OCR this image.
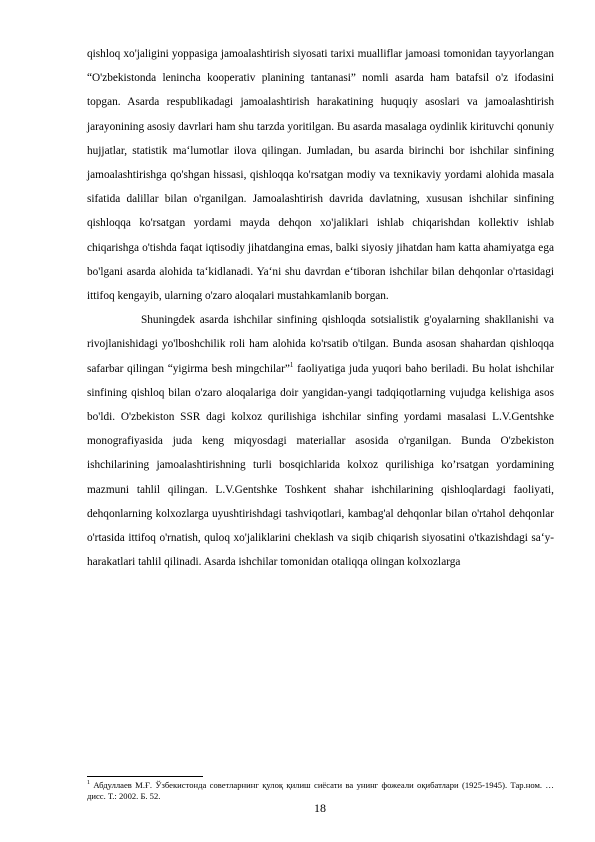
qishloq xo'jaligini yoppasiga jamoalashtirish siyosati tarixi mualliflar jamoasi tomonidan tayyorlangan “O'zbekistonda lenincha kooperativ planining tantanasi” nomli asarda ham batafsil o'z ifodasini topgan. Asarda respublikadagi jamoalashtirish harakatining huquqiy asoslari va jamoalashtirish jarayonining asosiy davrlari ham shu tarzda yoritilgan. Bu asarda masalaga oydinlik kirituvchi qonuniy hujjatlar, statistik ma‘lumotlar ilova qilingan. Jumladan, bu asarda birinchi bor ishchilar sinfining jamoalashtirishga qo'shgan hissasi, qishloqqa ko'rsatgan modiy va texnikaviy yordami alohida masala sifatida dalillar bilan o'rganilgan. Jamoalashtirish davrida davlatning, xususan ishchilar sinfining qishloqqa ko'rsatgan yordami mayda dehqon xo'jaliklari ishlab chiqarishdan kollektiv ishlab chiqarishga o'tishda faqat iqtisodiy jihatdangina emas, balki siyosiy jihatdan ham katta ahamiyatga ega bo'lgani asarda alohida ta‘kidlanadi. Ya‘ni shu davrdan e‘tiboran ishchilar bilan dehqonlar o'rtasidagi ittifoq kengayib, ularning o'zaro aloqalari mustahkamlanib borgan.

Shuningdek asarda ishchilar sinfining qishloqda sotsialistik g'oyalarning shakllanishi va rivojlanishidagi yo'lboshchilik roli ham alohida ko'rsatib o'tilgan. Bunda asosan shahardan qishloqqa safarbar qilingan “yigirma besh mingchilar”$^1$ faoliyatiga juda yuqori baho beriladi. Bu holat ishchilar sinfining qishloq bilan o'zaro aloqalariga doir yangidan-yangi tadqiqotlarning vujudga kelishiga asos bo'ldi. O'zbekiston SSR dagi kolxoz qurilishiga ishchilar sinfing yordami masalasi L.V.Gentshke monografiyasida juda keng miqyosdagi materiallar asosida o'rganilgan. Bunda O'zbekiston ishchilarining jamoalashtirishning turli bosqichlarida kolxoz qurilishiga ko’rsatgan yordamining mazmuni tahlil qilingan. L.V.Gentshke Toshkent shahar ishchilarining qishloqlardagi faoliyati, dehqonlarning kolxozlarga uyushtirishdagi tashviqotlari, kambag'al dehqonlar bilan o'rtahol dehqonlar o'rtasida ittifoq o'rnatish, quloq xo'jaliklarini cheklash va siqib chiqarish siyosatini o'tkazishdagi sa‘y-harakatlari tahlil qilinadi. Asarda ishchilar tomonidan otaliqqa olingan kolxozlarga

$^1$ Абдуллаев М.Ғ. Ўзбекистонда советларнинг қулоқ қилиш сиёсати ва унинг фожеали оқибатлари (1925-1945). Тар.ном. …дисс. Т.: 2002. Б. 52.
18
